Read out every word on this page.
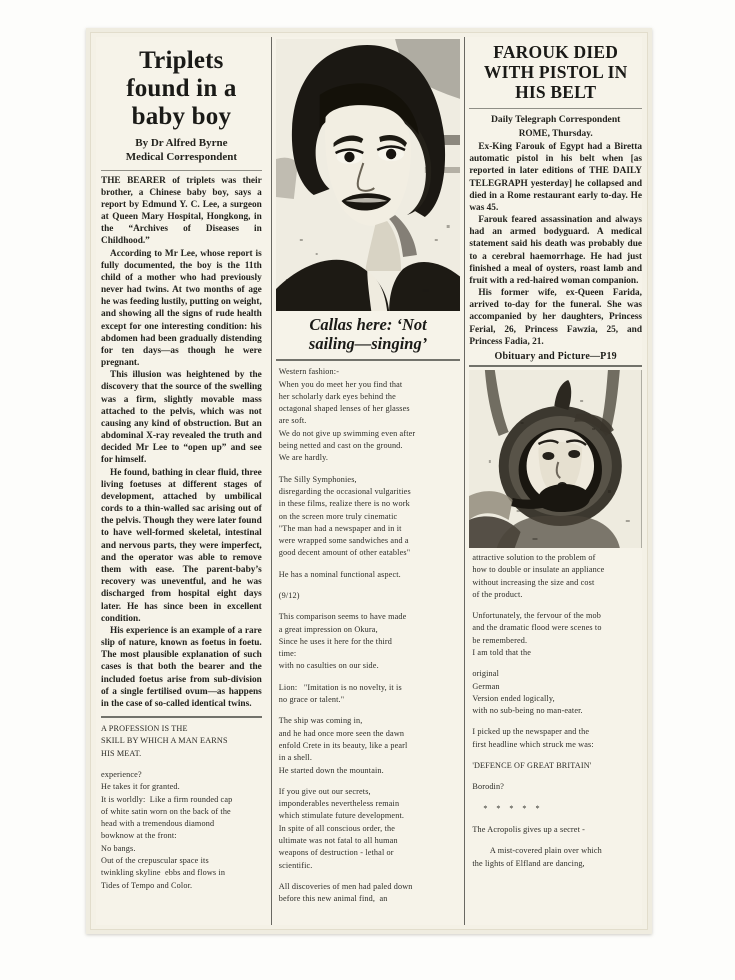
Triplets
found in a
baby boy
By Dr Alfred Byrne
Medical Correspondent

THE BEARER of triplets was their brother, a Chinese baby boy, says a report by Edmund Y. C. Lee, a surgeon at Queen Mary Hospital, Hongkong, in the “Archives of Diseases in Childhood.”

According to Mr Lee, whose report is fully documented, the boy is the 11th child of a mother who had previously never had twins. At two months of age he was feeding lustily, putting on weight, and showing all the signs of rude health except for one interesting condition: his abdomen had been gradually distending for ten days—as though he were pregnant.

This illusion was heightened by the discovery that the source of the swelling was a firm, slightly movable mass attached to the pelvis, which was not causing any kind of obstruction. But an abdominal X-ray revealed the truth and decided Mr Lee to “open up” and see for himself.

He found, bathing in clear fluid, three living foetuses at different stages of development, attached by umbilical cords to a thin-walled sac arising out of the pelvis. Though they were later found to have well-formed skeletal, intestinal and nervous parts, they were imperfect, and the operator was able to remove them with ease. The parent-baby’s recovery was uneventful, and he was discharged from hospital eight days later. He has since been in excellent condition.

His experience is an example of a rare slip of nature, known as foetus in foetu. The most plausible explanation of such cases is that both the bearer and the included foetus arise from sub-division of a single fertilised ovum—as happens in the case of so-called identical twins.

A PROFESSION IS THE
SKILL BY WHICH A MAN EARNS
HIS MEAT.
experience?
He takes it for granted.
It is worldly:  Like a firm rounded cap
of white satin worn on the back of the
head with a tremendous diamond
bowknow at the front:
No bangs.
Out of the crepuscular space its
twinkling skyline  ebbs and flows in
Tides of Tempo and Color.
Callas here: ‘Not
sailing—singing’
Western fashion:-
When you do meet her you find that
her scholarly dark eyes behind the
octagonal shaped lenses of her glasses
are soft.
We do not give up swimming even after
being netted and cast on the ground.
We are hardly.
The Silly Symphonies,
disregarding the occasional vulgarities
in these films, realize there is no work
on the screen more truly cinematic
"The man had a newspaper and in it
were wrapped some sandwiches and a
good decent amount of other eatables"
He has a nominal functional aspect.
(9/12)
This comparison seems to have made
a great impression on Okura,
Since he uses it here for the third
time:
with no casulties on our side.
Lion:   "Imitation is no novelty, it is
no grace or talent."
The ship was coming in,
and he had once more seen the dawn
enfold Crete in its beauty, like a pearl
in a shell.
He started down the mountain.
If you give out our secrets,
imponderables nevertheless remain
which stimulate future development.
In spite of all conscious order, the
ultimate was not fatal to all human
weapons of destruction - lethal or
scientific.
All discoveries of men had paled down
before this new animal find,  an
FAROUK DIED
WITH PISTOL IN
HIS BELT
Daily Telegraph Correspondent

ROME, Thursday.

Ex-King Farouk of Egypt had a Biretta automatic pistol in his belt when [as reported in later editions of THE DAILY TELEGRAPH yesterday] he collapsed and died in a Rome restaurant early to-day. He was 45.

Farouk feared assassination and always had an armed bodyguard. A medical statement said his death was probably due to a cerebral haemorrhage. He had just finished a meal of oysters, roast lamb and fruit with a red-haired woman companion.

His former wife, ex-Queen Farida, arrived to-day for the funeral. She was accompanied by her daughters, Princess Ferial, 26, Princess Fawzia, 25, and Princess Fadia, 21.

Obituary and Picture—P19
attractive solution to the problem of
how to double or insulate an appliance
without increasing the size and cost
of the product.
Unfortunately, the fervour of the mob
and the dramatic flood were scenes to
be remembered.
I am told that the
original
German
Version ended logically,
with no sub-being no man-eater.
I picked up the newspaper and the
first headline which struck me was:
'DEFENCE OF GREAT BRITAIN'
Borodin?
*    *    *    *    *
The Acropolis gives up a secret -
A mist-covered plain over which
the lights of Elfland are dancing,
